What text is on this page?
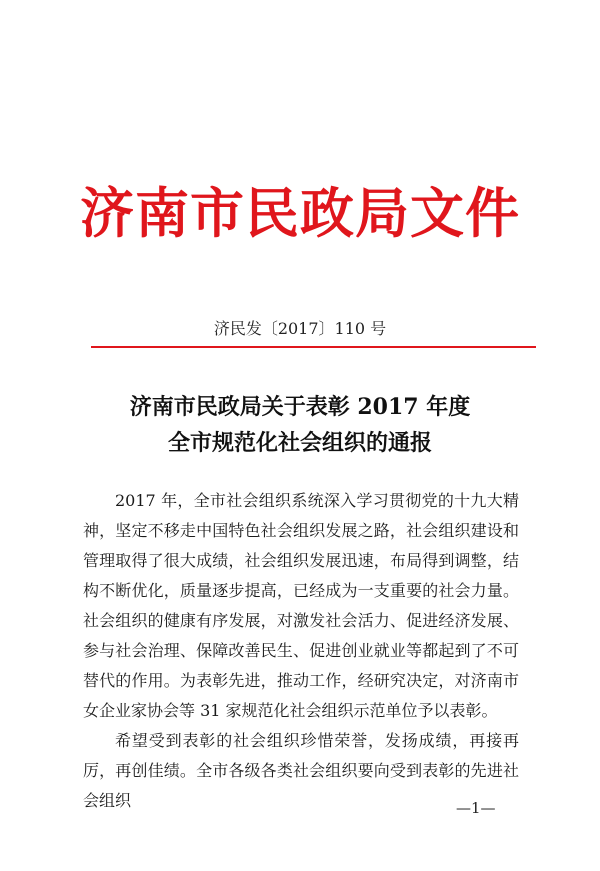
济南市民政局文件
济民发〔2017〕110 号
济南市民政局关于表彰 2017 年度
全市规范化社会组织的通报

2017 年，全市社会组织系统深入学习贯彻党的十九大精神，坚定不移走中国特色社会组织发展之路，社会组织建设和管理取得了很大成绩，社会组织发展迅速，布局得到调整，结构不断优化，质量逐步提高，已经成为一支重要的社会力量。社会组织的健康有序发展，对激发社会活力、促进经济发展、参与社会治理、保障改善民生、促进创业就业等都起到了不可替代的作用。为表彰先进，推动工作，经研究决定，对济南市女企业家协会等 31 家规范化社会组织示范单位予以表彰。

希望受到表彰的社会组织珍惜荣誉，发扬成绩，再接再厉，再创佳绩。全市各级各类社会组织要向受到表彰的先进社会组织	—1—
